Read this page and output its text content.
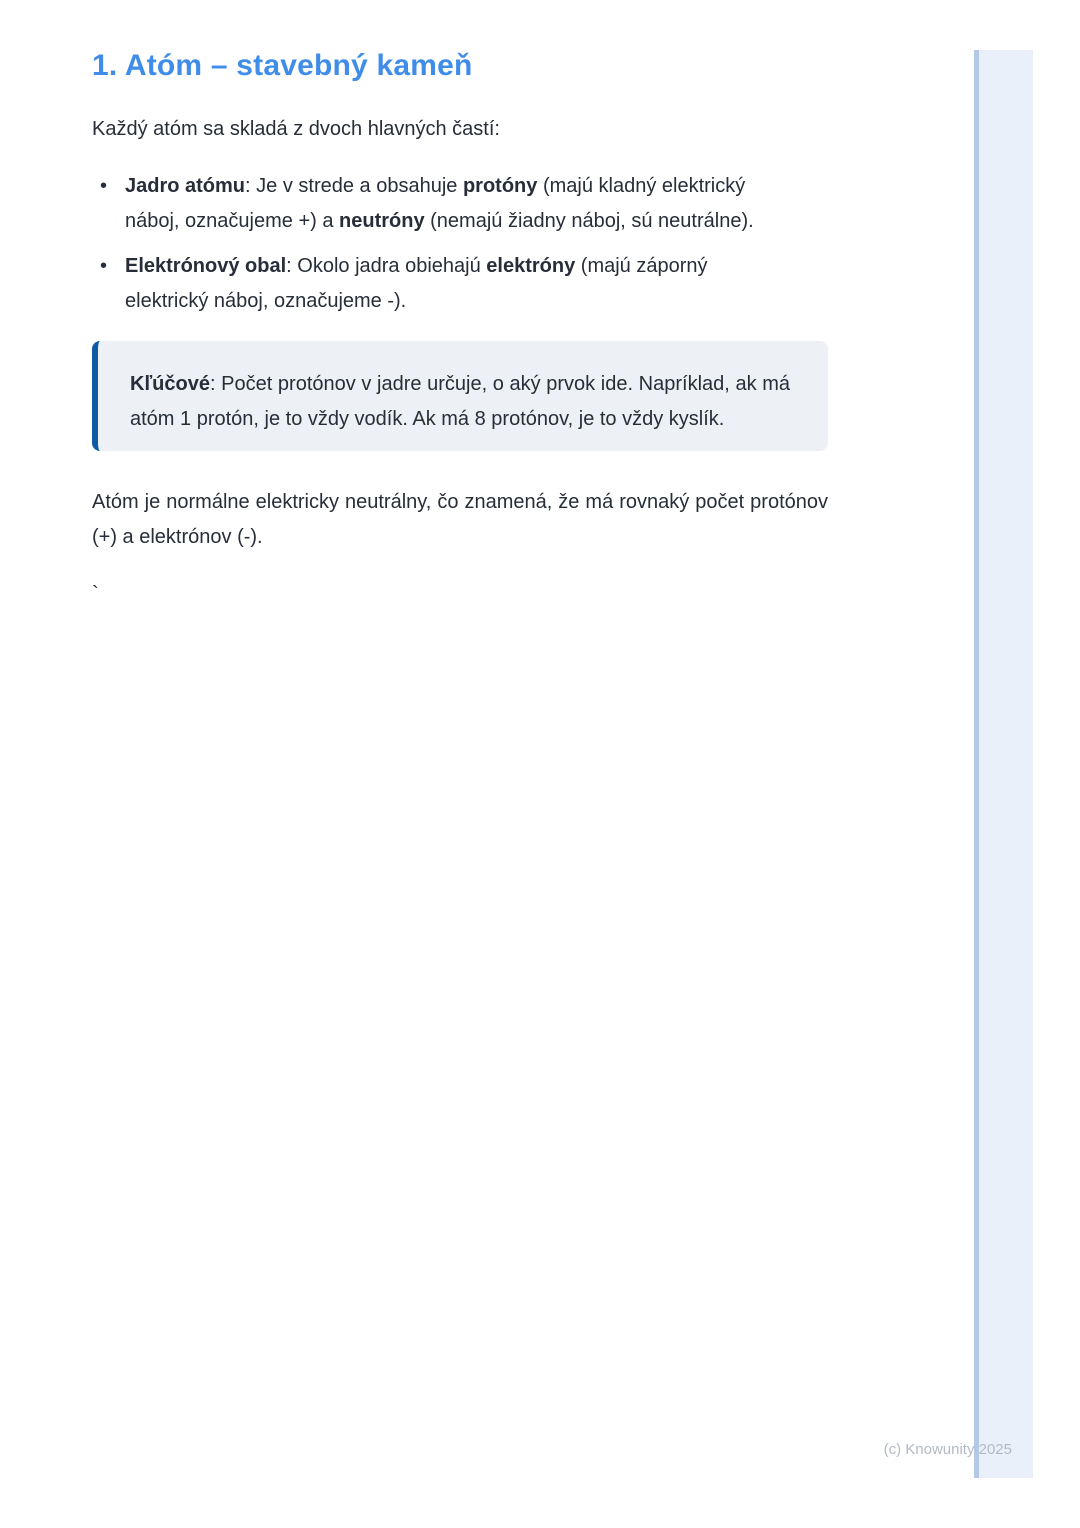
1. Atóm – stavebný kameň

Každý atóm sa skladá z dvoch hlavných častí:

• Jadro atómu: Je v strede a obsahuje protóny (majú kladný elektrický náboj, označujeme +) a neutróny (nemajú žiadny náboj, sú neutrálne).
• Elektrónový obal: Okolo jadra obiehajú elektróny (majú záporný elektrický náboj, označujeme -).

Kľúčové: Počet protónov v jadre určuje, o aký prvok ide. Napríklad, ak má atóm 1 protón, je to vždy vodík. Ak má 8 protónov, je to vždy kyslík.

Atóm je normálne elektricky neutrálny, čo znamená, že má rovnaký počet protónov (+) a elektrónov (-).

`

(c) Knowunity 2025
